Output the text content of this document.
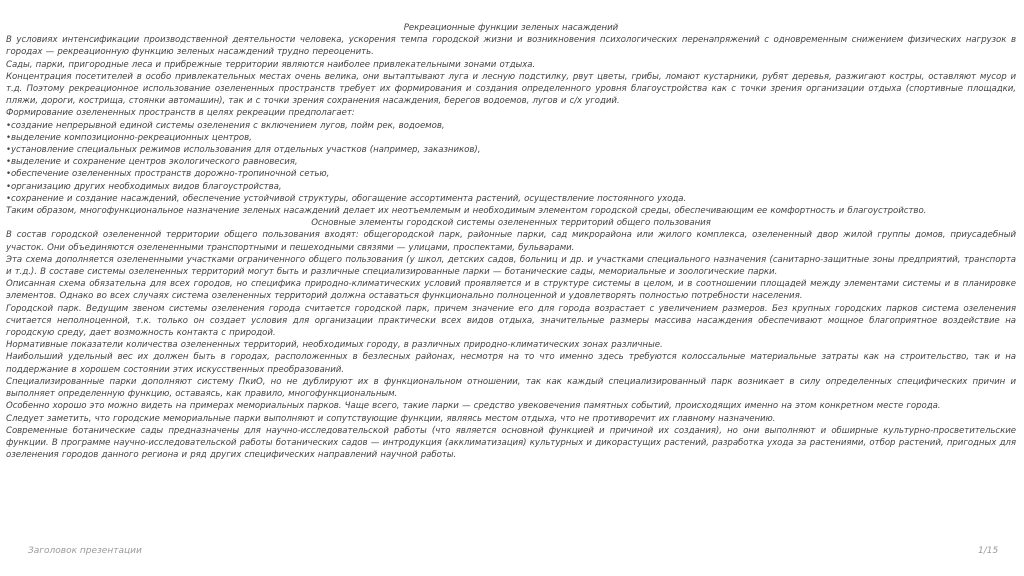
Рекреационные функции зеленых насаждений

В условиях интенсификации производственной деятельности человека, ускорения темпа городской жизни и возникновения психологических перенапряжений с одновременным снижением физических нагрузок в городах — рекреационную функцию зеленых насаждений трудно переоценить.

Сады, парки, пригородные леса и прибрежные территории являются наиболее привлекательными зонами отдыха.

Концентрация посетителей в особо привлекательных местах очень велика, они вытаптывают луга и лесную подстилку, рвут цветы, грибы, ломают кустарники, рубят деревья, разжигают костры, оставляют мусор и т.д. Поэтому рекреационное использование озелененных пространств требует их формирования и создания определенного уровня благоустройства как с точки зрения организации отдыха (спортивные площадки, пляжи, дороги, кострища, стоянки автомашин), так и с точки зрения сохранения насаждения, берегов водоемов, лугов и с/х угодий.

Формирование озелененных пространств в целях рекреации предполагает:

•создание непрерывной единой системы озеленения с включением лугов, пойм рек, водоемов,

•выделение композиционно-рекреационных центров,

•установление специальных режимов использования для отдельных участков (например, заказников),

•выделение и сохранение центров экологического равновесия,

•обеспечение озелененных пространств дорожно-тропиночной сетью,

•организацию других необходимых видов благоустройства,

•сохранение и создание насаждений, обеспечение устойчивой структуры, обогащение ассортимента растений, осуществление постоянного ухода.

Таким образом, многофункциональное назначение зеленых насаждений делает их неотъемлемым и необходимым элементом городской среды, обеспечивающим ее комфортность и благоустройство.

Основные элементы городской системы озелененных территорий общего пользования

В состав городской озелененной территории общего пользования входят: общегородской парк, районные парки, сад микрорайона или жилого комплекса, озелененный двор жилой группы домов, приусадебный участок. Они объединяются озелененными транспортными и пешеходными связями — улицами, проспектами, бульварами.

Эта схема дополняется озелененными участками ограниченного общего пользования (у школ, детских садов, больниц и др. и участками специального назначения (санитарно-защитные зоны предприятий, транспорта и т.д.). В составе системы озелененных территорий могут быть и различные специализированные парки — ботанические сады, мемориальные и зоологические парки.

Описанная схема обязательна для всех городов, но специфика природно-климатических условий проявляется и в структуре системы в целом, и в соотношении площадей между элементами системы и в планировке элементов. Однако во всех случаях система озелененных территорий должна оставаться функционально полноценной и удовлетворять полностью потребности населения.

Городской парк. Ведущим звеном системы озеленения города считается городской парк, причем значение его для города возрастает с увеличением размеров. Без крупных городских парков система озеленения считается неполноценной, т.к. только он создает условия для организации практически всех видов отдыха, значительные размеры массива насаждения обеспечивают мощное благоприятное воздействие на городскую среду, дает возможность контакта с природой.

Нормативные показатели количества озелененных территорий, необходимых городу, в различных природно-климатических зонах различные.

Наибольший удельный вес их должен быть в городах, расположенных в безлесных районах, несмотря на то что именно здесь требуются колоссальные материальные затраты как на строительство, так и на поддержание в хорошем состоянии этих искусственных преобразований.

Специализированные парки дополняют систему ПкиО, но не дублируют их в функциональном отношении, так как каждый специализированный парк возникает в силу определенных специфических причин и выполняет определенную функцию, оставаясь, как правило, многофункциональным.

Особенно хорошо это можно видеть на примерах мемориальных парков. Чаще всего, такие парки — средство увековечения памятных событий, происходящих именно на этом конкретном месте города.

Следует заметить, что городские мемориальные парки выполняют и сопутствующие функции, являясь местом отдыха, что не противоречит их главному назначению.

Современные ботанические сады предназначены для научно-исследовательской работы (что является основной функцией и причиной их создания), но они выполняют и обширные культурно-просветительские функции. В программе научно-исследовательской работы ботанических садов — интродукция (акклиматизация) культурных и дикорастущих растений, разработка ухода за растениями, отбор растений, пригодных для озеленения городов данного региона и ряд других специфических направлений научной работы.

Заголовок презентации	1/15
